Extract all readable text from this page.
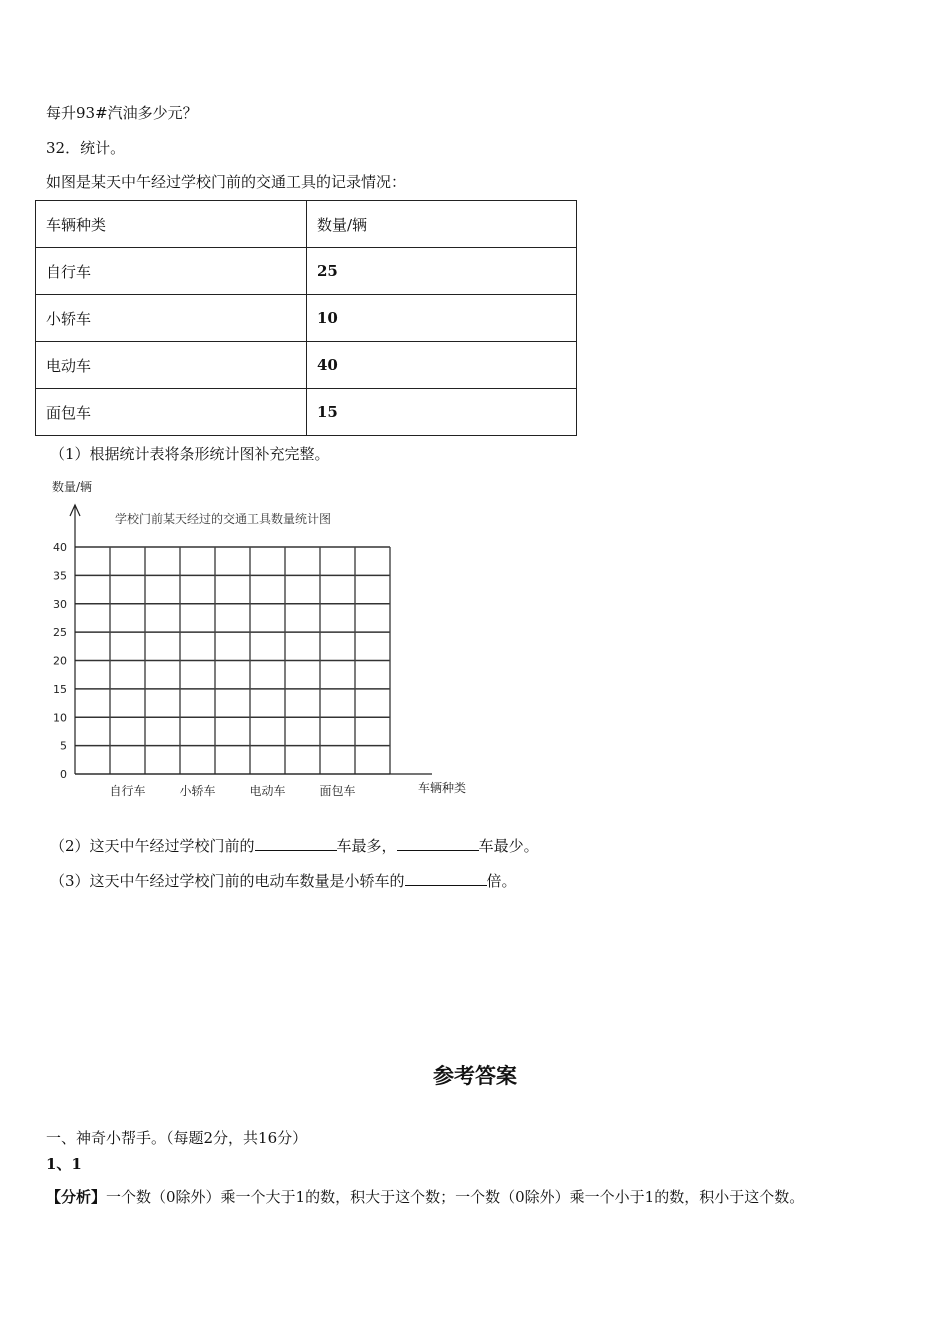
每升93#汽油多少元？
32．统计。
如图是某天中午经过学校门前的交通工具的记录情况：
车辆种类	数量/辆
自行车	25
小轿车	10
电动车	40
面包车	15
（1）根据统计表将条形统计图补充完整。
数量/辆
学校门前某天经过的交通工具数量统计图
0
5
10
15
20
25
30
35
40
车辆种类
自行车	小轿车	电动车	面包车
（2）这天中午经过学校门前的	车最多，	车最少。
（3）这天中午经过学校门前的电动车数量是小轿车的	倍。
参考答案
一、神奇小帮手。（每题2分，共16分）
1、1
【分析】一个数（0除外）乘一个大于1的数，积大于这个数；一个数（0除外）乘一个小于1的数，积小于这个数。
